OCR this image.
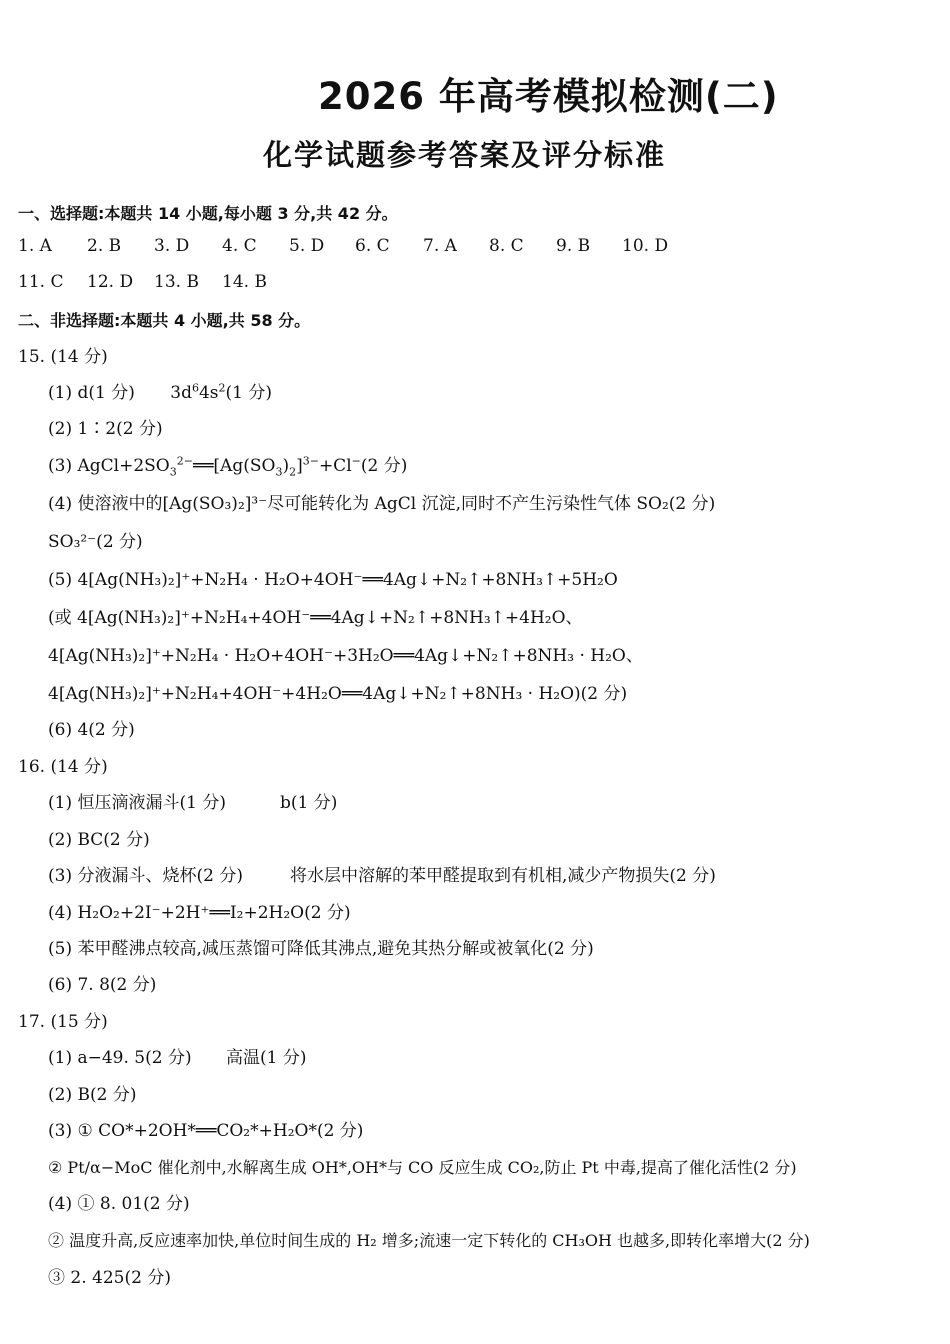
2026 年高考模拟检测(二)
化学试题参考答案及评分标准
一、选择题:本题共 14 小题,每小题 3 分,共 42 分。
1. A 2. B 3. D 4. C 5. D 6. C 7. A 8. C 9. B 10. D
11. C 12. D 13. B 14. B
二、非选择题:本题共 4 小题,共 58 分。
15. (14 分)
(1) d(1 分) $3d^64s^2(1$ 分)
(2) 1∶2(2 分)
(3) $AgCl+2SO_3^{2-}══[Ag(SO_3)_2]^{3-}+Cl^-(2$ 分)
(4) 使溶液中的[Ag(SO₃)₂]³⁻尽可能转化为 AgCl 沉淀,同时不产生污染性气体 SO₂(2 分)
SO₃²⁻(2 分)
(5) 4[Ag(NH₃)₂]⁺+N₂H₄ · H₂O+4OH⁻══4Ag↓+N₂↑+8NH₃↑+5H₂O
(或 4[Ag(NH₃)₂]⁺+N₂H₄+4OH⁻══4Ag↓+N₂↑+8NH₃↑+4H₂O、
4[Ag(NH₃)₂]⁺+N₂H₄ · H₂O+4OH⁻+3H₂O══4Ag↓+N₂↑+8NH₃ · H₂O、
4[Ag(NH₃)₂]⁺+N₂H₄+4OH⁻+4H₂O══4Ag↓+N₂↑+8NH₃ · H₂O)(2 分)
(6) 4(2 分)
16. (14 分)
(1) 恒压滴液漏斗(1 分)	b(1 分)
(2) BC(2 分)
(3) 分液漏斗、烧杯(2 分)	将水层中溶解的苯甲醛提取到有机相,减少产物损失(2 分)
(4) H₂O₂+2I⁻+2H⁺══I₂+2H₂O(2 分)
(5) 苯甲醛沸点较高,减压蒸馏可降低其沸点,避免其热分解或被氧化(2 分)
(6) 7. 8(2 分)
17. (15 分)
(1) a−49. 5(2 分) 高温(1 分)
(2) B(2 分)
(3) ① CO*+2OH*══CO₂*+H₂O*(2 分)
② Pt/α−MoC 催化剂中,水解离生成 OH*,OH*与 CO 反应生成 CO₂,防止 Pt 中毒,提高了催化活性(2 分)
(4) ① 8. 01(2 分)
② 温度升高,反应速率加快,单位时间生成的 H₂ 增多;流速一定下转化的 CH₃OH 也越多,即转化率增大(2 分)
③ 2. 425(2 分)
